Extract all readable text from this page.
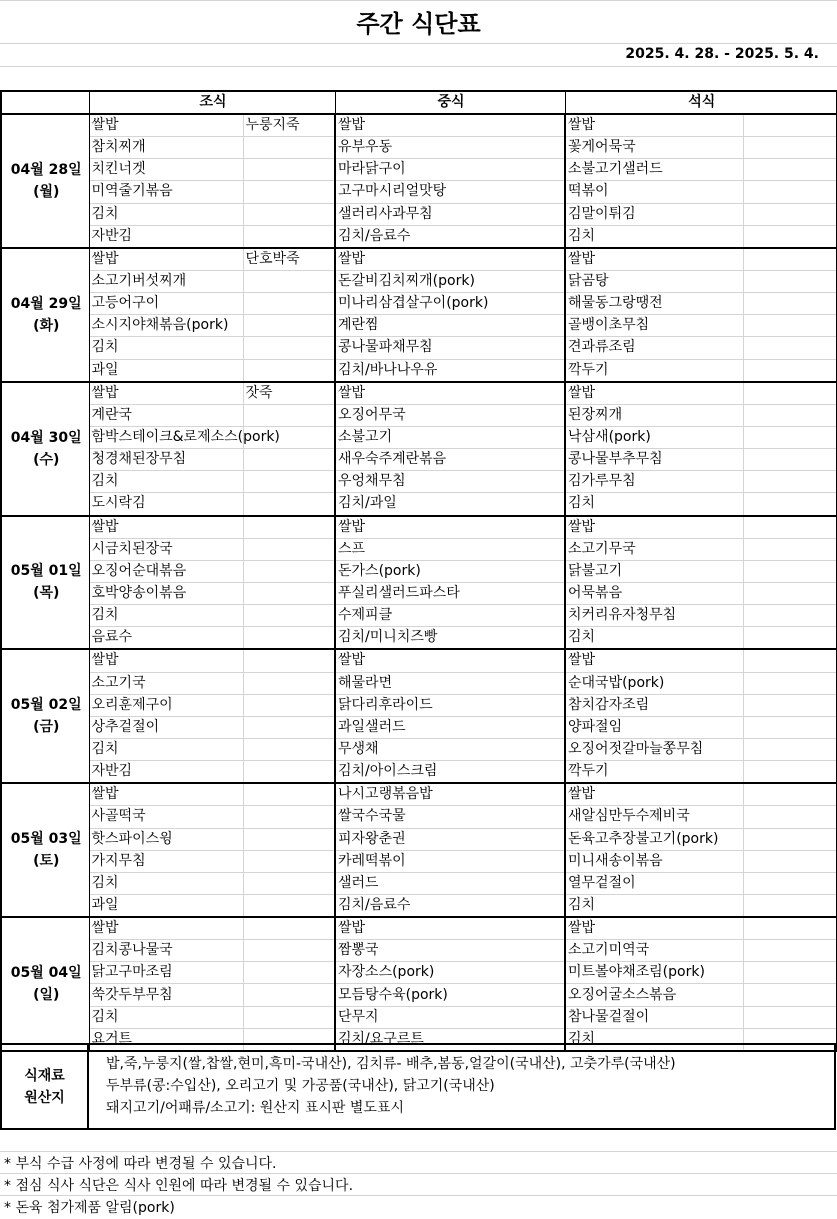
주간 식단표
2025. 4. 28. - 2025. 5. 4.
	조식		중식	석식	

04월 28일
(월)	쌀밥	누룽지죽	쌀밥	쌀밥	
	참치찌개		유부우동	꽃게어묵국	
	치킨너겟		마라닭구이	소불고기샐러드	
	미역줄기볶음		고구마시리얼맛탕	떡볶이	
	김치		샐러리사과무침	김말이튀김	
	자반김		김치/음료수	김치	

04월 29일
(화)	쌀밥	단호박죽	쌀밥	쌀밥	
	소고기버섯찌개		돈갈비김치찌개(pork)	닭곰탕	
	고등어구이		미나리삼겹살구이(pork)	해물동그랑땡전	
	소시지야채볶음(pork)		계란찜	골뱅이초무침	
	김치		콩나물파채무침	견과류조림	
	과일		김치/바나나우유	깍두기	

04월 30일
(수)	쌀밥	잣죽	쌀밥	쌀밥	
	계란국		오징어무국	된장찌개	
	함박스테이크&로제소스(pork)		소불고기	낙삼새(pork)	
	청경채된장무침		새우숙주계란볶음	콩나물부추무침	
	김치		우엉채무침	김가루무침	
	도시락김		김치/과일	김치	

05월 01일
(목)	쌀밥		쌀밥	쌀밥	
	시금치된장국		스프	소고기무국	
	오징어순대볶음		돈가스(pork)	닭불고기	
	호박양송이볶음		푸실리샐러드파스타	어묵볶음	
	김치		수제피클	치커리유자청무침	
	음료수		김치/미니치즈빵	김치	

05월 02일
(금)	쌀밥		쌀밥	쌀밥	
	소고기국		해물라면	순대국밥(pork)	
	오리훈제구이		닭다리후라이드	참치감자조림	
	상추겉절이		과일샐러드	양파절임	
	김치		무생채	오징어젓갈마늘쫑무침	
	자반김		김치/아이스크림	깍두기	

05월 03일
(토)	쌀밥		나시고랭볶음밥	쌀밥	
	사골떡국		쌀국수국물	새알심만두수제비국	
	핫스파이스윙		피자왕춘권	돈육고추장불고기(pork)	
	가지무침		카레떡볶이	미니새송이볶음	
	김치		샐러드	열무겉절이	
	과일		김치/음료수	김치	

05월 04일
(일)	쌀밥		쌀밥	쌀밥	
	김치콩나물국		짬뽕국	소고기미역국	
	닭고구마조림		자장소스(pork)	미트볼야채조림(pork)	
	쑥갓두부무침		모듬탕수육(pork)	오징어굴소스볶음	
	김치		단무지	참나물겉절이	
	요거트		김치/요구르트	김치	
식재료
원산지
밥,죽,누룽지(쌀,찹쌀,현미,흑미-국내산), 김치류- 배추,봄동,얼갈이(국내산), 고춧가루(국내산)
두부류(콩:수입산), 오리고기 및 가공품(국내산), 닭고기(국내산)
돼지고기/어패류/소고기: 원산지 표시판 별도표시
* 부식 수급 사정에 따라 변경될 수 있습니다.
* 점심 식사 식단은 식사 인원에 따라 변경될 수 있습니다.
* 돈육 첨가제품 알림(pork)
